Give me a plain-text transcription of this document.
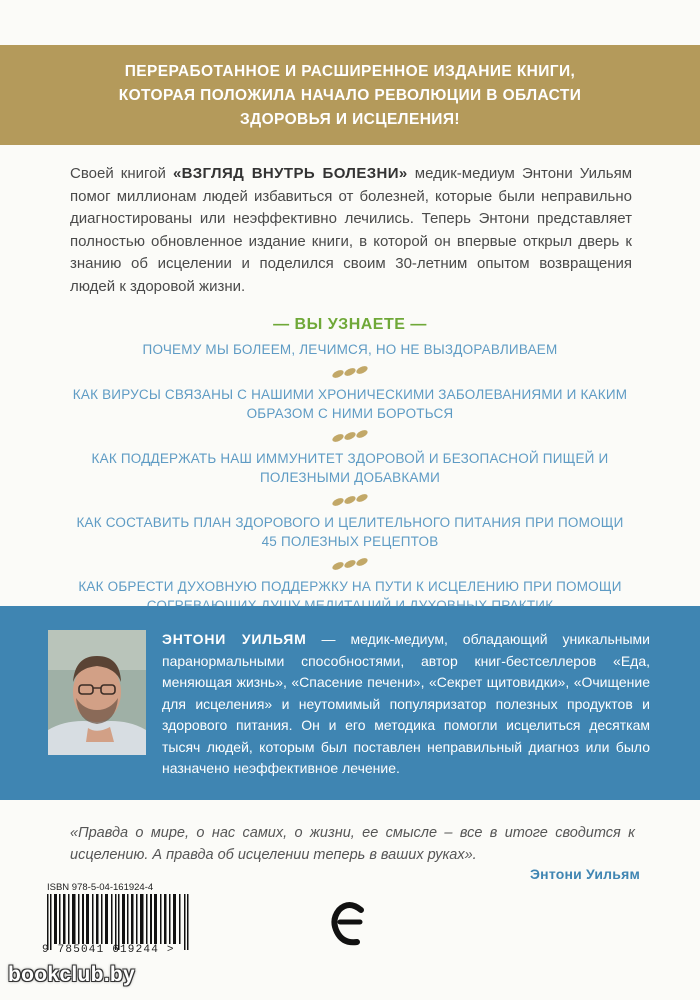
ПЕРЕРАБОТАННОЕ И РАСШИРЕННОЕ ИЗДАНИЕ КНИГИ,
КОТОРАЯ ПОЛОЖИЛА НАЧАЛО РЕВОЛЮЦИИ В ОБЛАСТИ
ЗДОРОВЬЯ И ИСЦЕЛЕНИЯ!
Своей книгой «ВЗГЛЯД ВНУТРЬ БОЛЕЗНИ» медик-медиум Энтони Уильям помог миллионам людей избавиться от болезней, которые были неправильно диагностированы или неэффективно лечились. Теперь Энтони представляет полностью обновленное издание книги, в которой он впервые открыл дверь к знанию об исцелении и поделился своим 30-летним опытом возвращения людей к здоровой жизни.
— ВЫ УЗНАЕТЕ —
ПОЧЕМУ МЫ БОЛЕЕМ, ЛЕЧИМСЯ, НО НЕ ВЫЗДОРАВЛИВАЕМ
КАК ВИРУСЫ СВЯЗАНЫ С НАШИМИ ХРОНИЧЕСКИМИ ЗАБОЛЕВАНИЯМИ И КАКИМ ОБРАЗОМ С НИМИ БОРОТЬСЯ
КАК ПОДДЕРЖАТЬ НАШ ИММУНИТЕТ ЗДОРОВОЙ И БЕЗОПАСНОЙ ПИЩЕЙ И ПОЛЕЗНЫМИ ДОБАВКАМИ
КАК СОСТАВИТЬ ПЛАН ЗДОРОВОГО И ЦЕЛИТЕЛЬНОГО ПИТАНИЯ ПРИ ПОМОЩИ 45 ПОЛЕЗНЫХ РЕЦЕПТОВ
КАК ОБРЕСТИ ДУХОВНУЮ ПОДДЕРЖКУ НА ПУТИ К ИСЦЕЛЕНИЮ ПРИ ПОМОЩИ
ЭНТОНИ УИЛЬЯМ — медик-медиум, обладающий уникальными паранормальными способностями, автор книг-бестселлеров «Еда, меняющая жизнь», «Спасение печени», «Секрет щитовидки», «Очищение для исцеления» и неутомимый популяризатор полезных продуктов и здорового питания. Он и его методика помогли исцелиться десяткам тысяч людей, которым был поставлен неправильный диагноз или было назначено неэффективное лечение.
«Правда о мире, о нас самих, о жизни, ее смысле – все в итоге сводится к исцелению. А правда об исцелении теперь в ваших руках».
Энтони Уильям
ISBN 978-5-04-161924-4
9 785041 619244 >
bookclub.by
